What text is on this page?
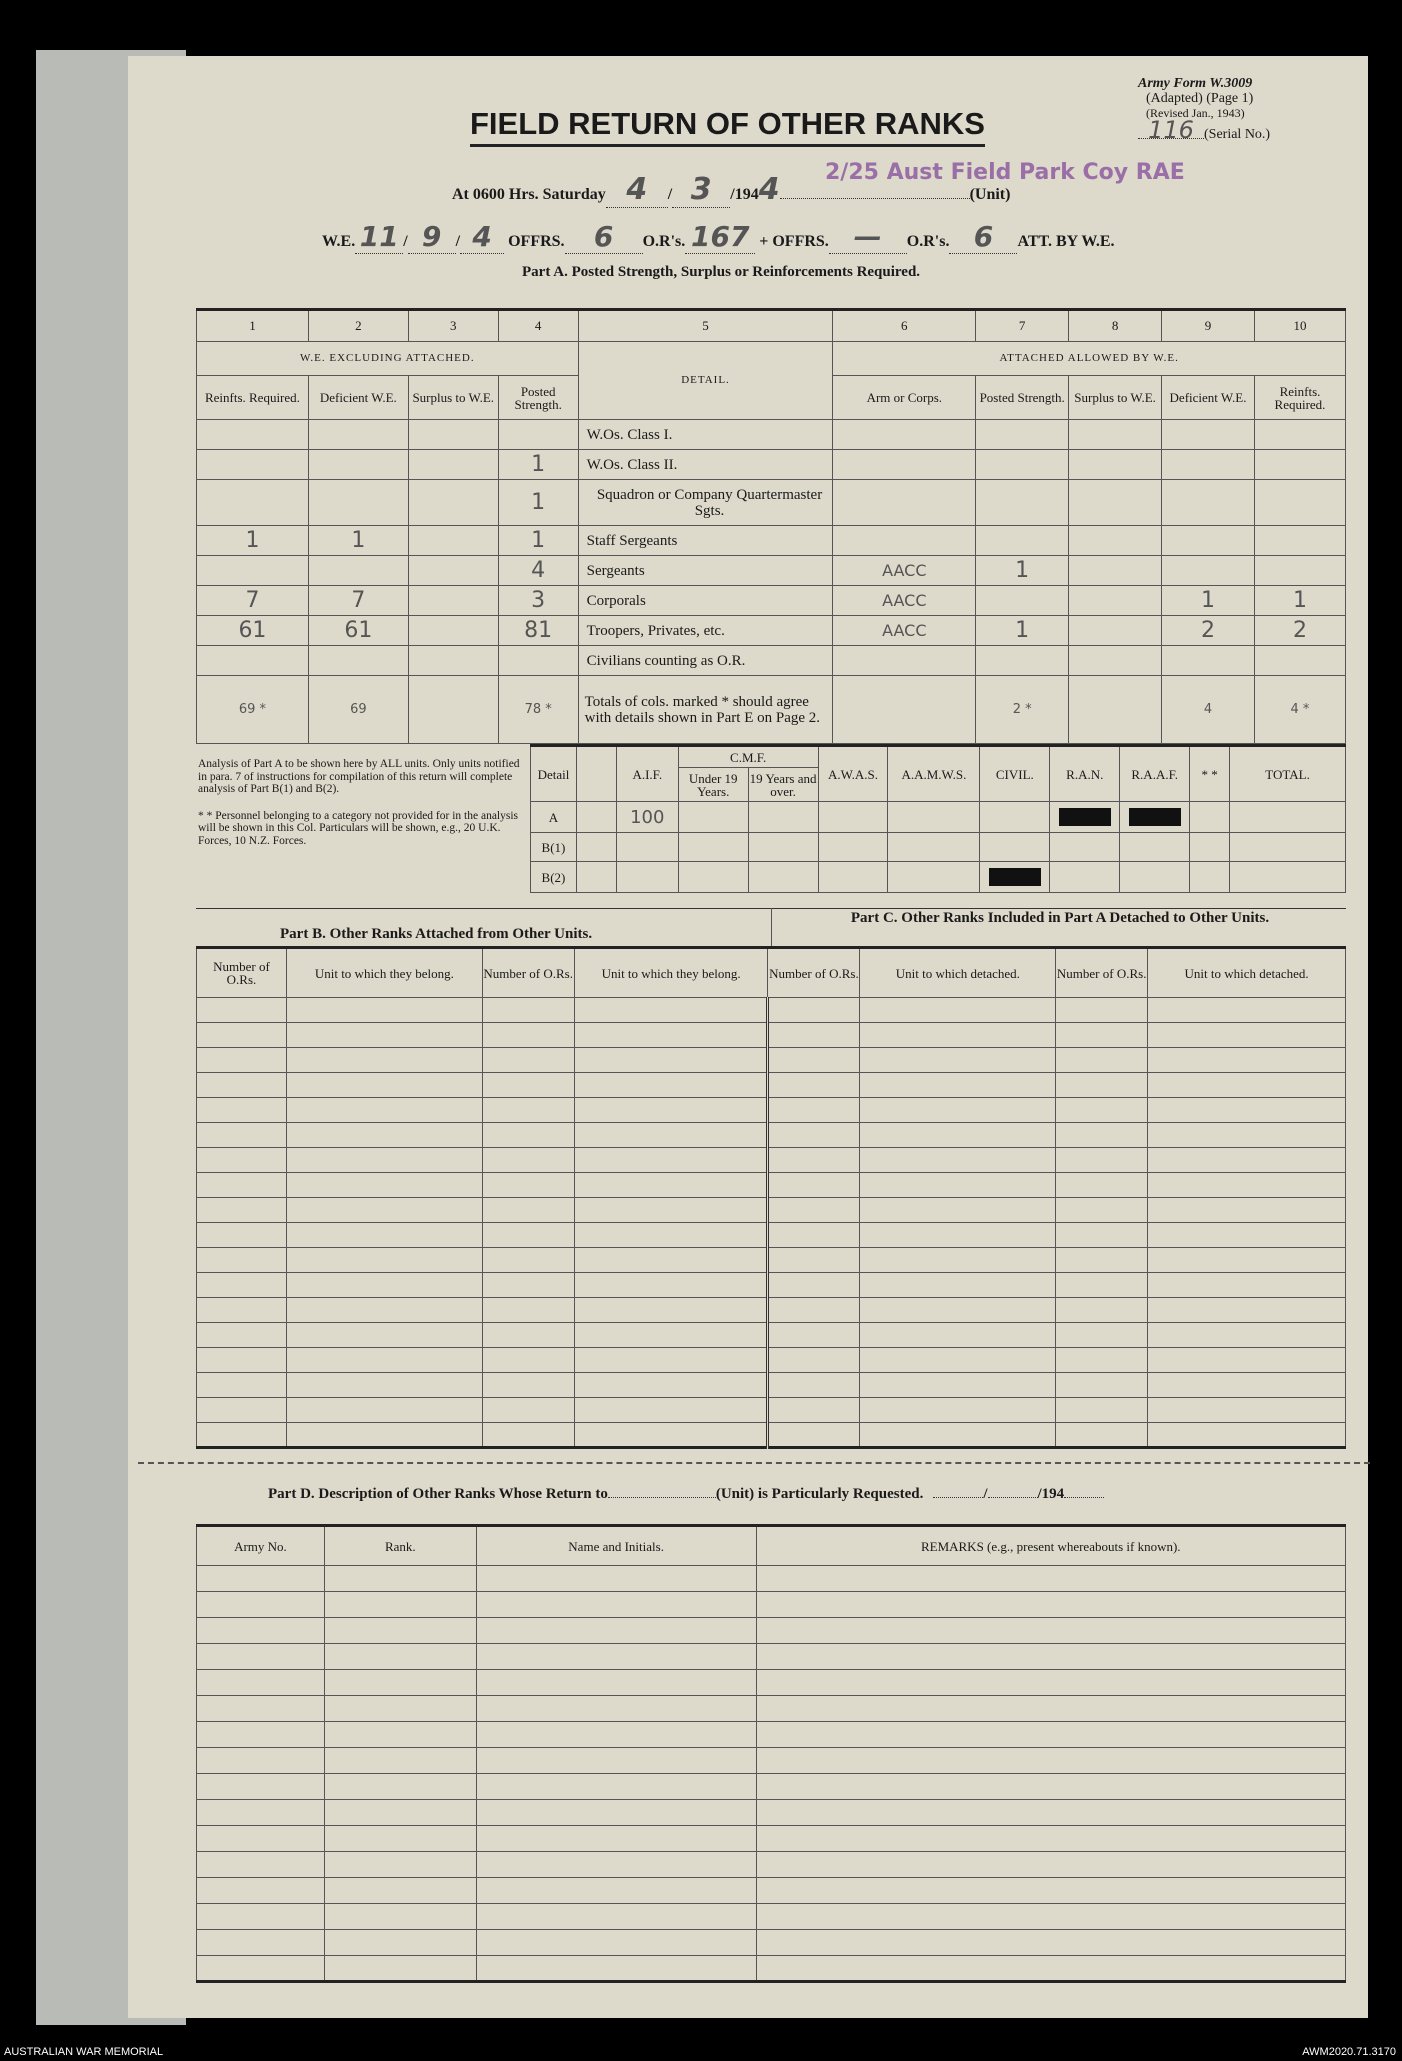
Army Form W.3009
(Adapted) (Page 1)
(Revised Jan., 1943)
116 (Serial No.)
FIELD RETURN OF OTHER RANKS
At 0600 Hrs. Saturday 4 / 3 /1944	(Unit)
2/25 Aust Field Park Coy RAE
W.E. 11 / 9 / 4 OFFRS. 6 O.R's. 167 + OFFRS. — O.R's. 6 ATT. BY W.E.
Part A. Posted Strength, Surplus or Reinforcements Required.
1	2	3	4	5	6	7	8	9	10
W.E. EXCLUDING ATTACHED.				DETAIL.	ATTACHED ALLOWED BY W.E.				
Reinfts. Required.	Deficient W.E.	Surplus to W.E.	Posted Strength.		Arm or Corps.	Posted Strength.	Surplus to W.E.	Deficient W.E.	Reinfts. Required.
				W.Os. Class I.					
			1	W.Os. Class II.					
			1	Squadron or Company Quartermaster Sgts.					
1	1		1	Staff Sergeants					
			4	Sergeants	AACC	1			
7	7		3	Corporals	AACC			1	1
61	61		81	Troopers, Privates, etc.	AACC	1		2	2
				Civilians counting as O.R.					
69 *	69		78 *	Totals of cols. marked * should agree with details shown in Part E on Page 2.		2 *		4	4 *
Analysis of Part A to be shown here by ALL units. Only units notified in para. 7 of instructions for compilation of this return will complete analysis of Part B(1) and B(2).
* * Personnel belonging to a category not provided for in the analysis will be shown in this Col. Particulars will be shown, e.g., 20 U.K. Forces, 10 N.Z. Forces.
Detail		A.I.F.	C.M.F.		A.W.A.S.	A.A.M.W.S.	CIVIL.	R.A.N.	R.A.A.F.	* *	TOTAL.
			Under 19 Years.	19 Years and over.							
A		100						

B(1)											
B(2)							

Part B. Other Ranks Attached from Other Units.
Part C. Other Ranks Included in Part A Detached to Other Units.
Number of O.Rs.	Unit to which they belong.	Number of O.Rs.	Unit to which they belong.	Number of O.Rs.	Unit to which detached.	Number of O.Rs.	Unit to which detached.

Part D. Description of Other Ranks Whose Return to	(Unit) is Particularly Requested.	/	/194
Army No.	Rank.	Name and Initials.	REMARKS (e.g., present whereabouts if known).

AUSTRALIAN WAR MEMORIAL	AWM2020.71.3170
